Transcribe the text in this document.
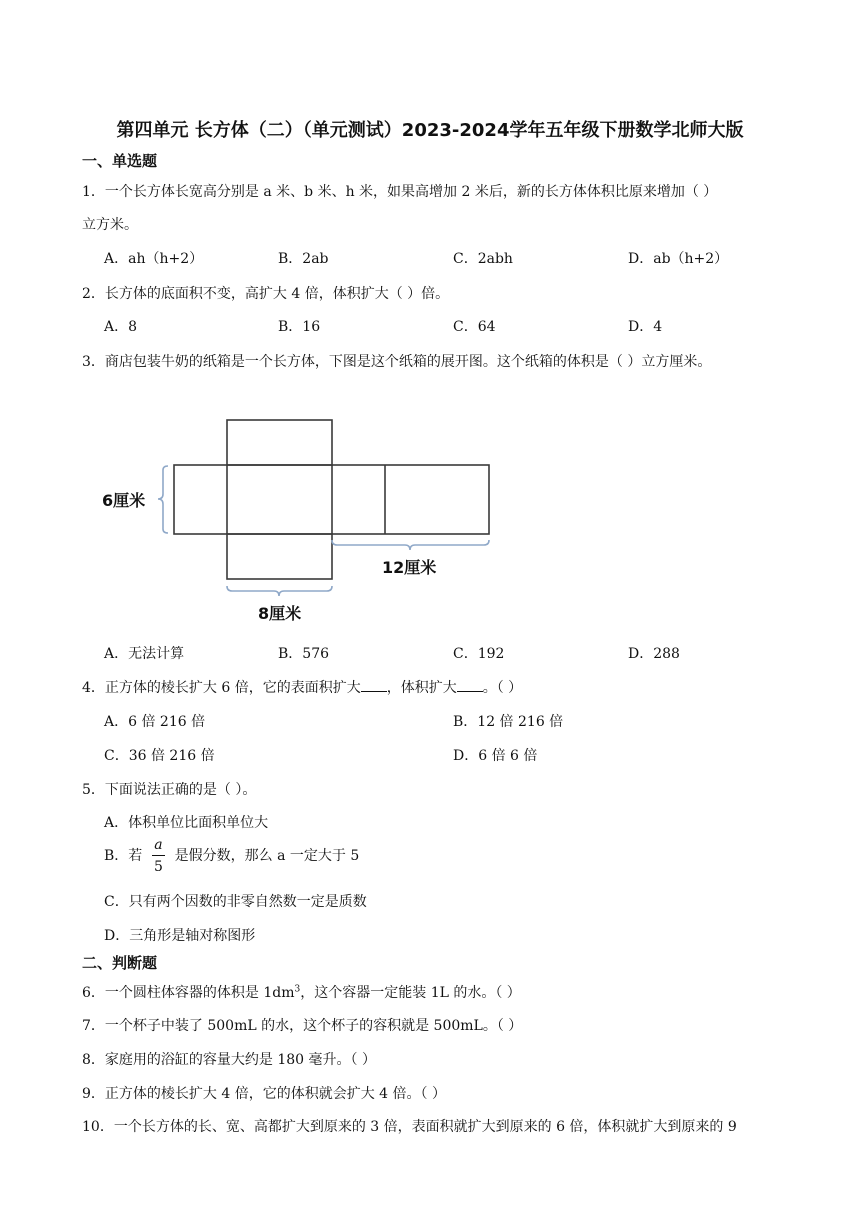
第四单元 长方体（二）（单元测试）2023-2024学年五年级下册数学北师大版
一、单选题
1．一个长方体长宽高分别是 a 米、b 米、h 米，如果高增加 2 米后，新的长方体体积比原来增加（ ）
立方米。
A．ah（h+2）	B．2ab	C．2abh	D．ab（h+2）
2．长方体的底面积不变，高扩大 4 倍，体积扩大（ ）倍。
A．8	B．16	C．64	D．4
3．商店包装牛奶的纸箱是一个长方体，下图是这个纸箱的展开图。这个纸箱的体积是（ ）立方厘米。
6厘米
12厘米
8厘米
A．无法计算	B．576	C．192	D．288
4．正方体的棱长扩大 6 倍，它的表面积扩大 ，体积扩大 。（ ）
A．6 倍 216 倍	B．12 倍 216 倍
C．36 倍 216 倍	D．6 倍 6 倍
5．下面说法正确的是（ ）。
A．体积单位比面积单位大
B．若 $\frac{a}{5}$ 是假分数，那么 a 一定大于 5
C．只有两个因数的非零自然数一定是质数
D．三角形是轴对称图形
二、判断题
6．一个圆柱体容器的体积是 $1dm^3$，这个容器一定能装 1L 的水。（ ）
7．一个杯子中装了 500mL 的水，这个杯子的容积就是 500mL。（ ）
8．家庭用的浴缸的容量大约是 180 毫升。（ ）
9．正方体的棱长扩大 4 倍，它的体积就会扩大 4 倍。（ ）
10．一个长方体的长、宽、高都扩大到原来的 3 倍，表面积就扩大到原来的 6 倍，体积就扩大到原来的 9
